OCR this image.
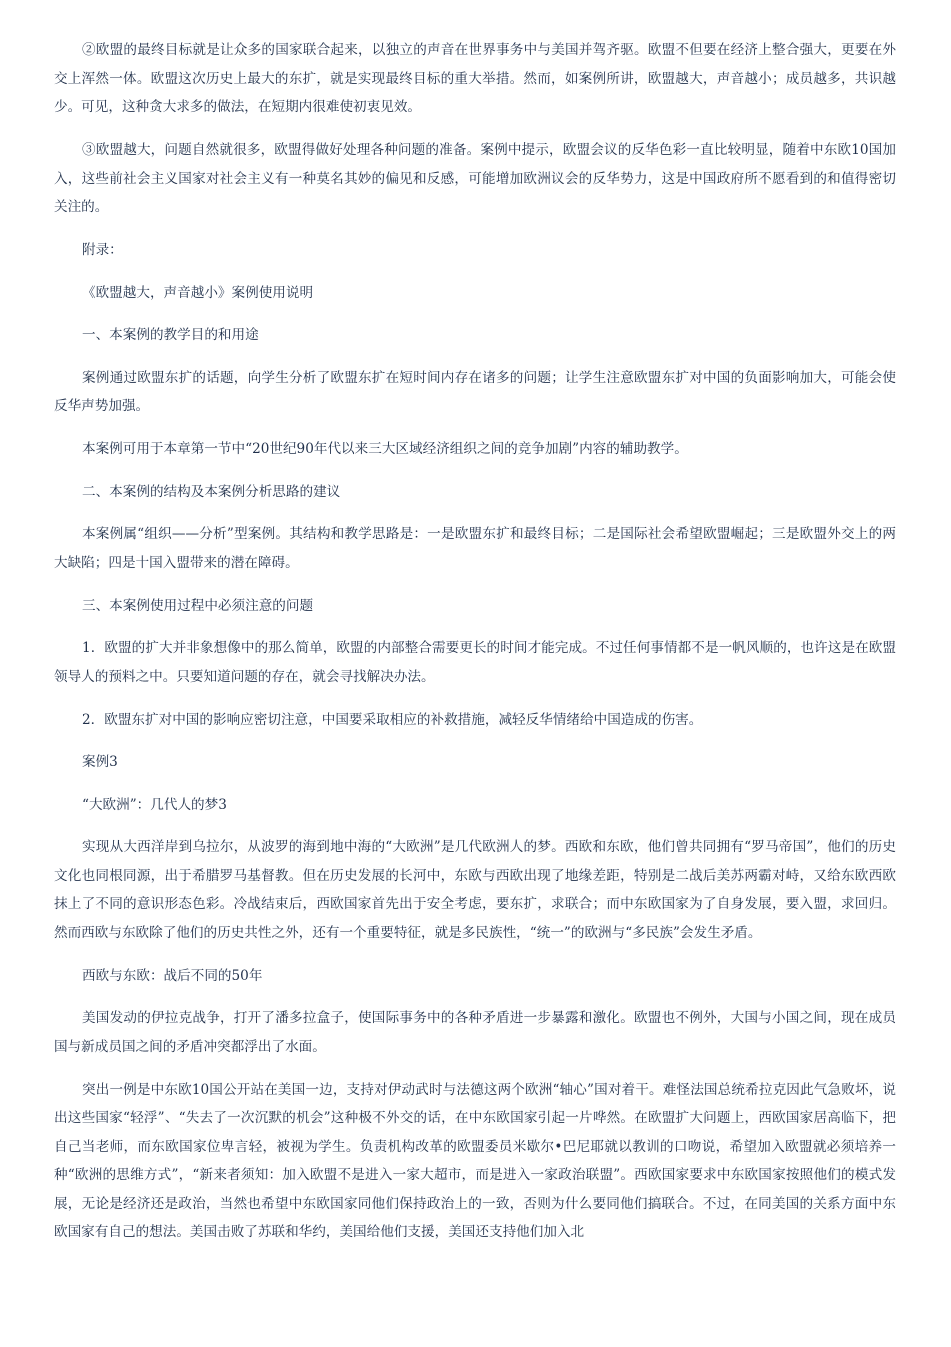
②欧盟的最终目标就是让众多的国家联合起来，以独立的声音在世界事务中与美国并驾齐驱。欧盟不但要在经济上整合强大，更要在外交上浑然一体。欧盟这次历史上最大的东扩，就是实现最终目标的重大举措。然而，如案例所讲，欧盟越大，声音越小；成员越多，共识越少。可见，这种贪大求多的做法，在短期内很难使初衷见效。

③欧盟越大，问题自然就很多，欧盟得做好处理各种问题的准备。案例中提示，欧盟会议的反华色彩一直比较明显，随着中东欧10国加入，这些前社会主义国家对社会主义有一种莫名其妙的偏见和反感，可能增加欧洲议会的反华势力，这是中国政府所不愿看到的和值得密切关注的。

附录：

《欧盟越大，声音越小》案例使用说明

一、本案例的教学目的和用途

案例通过欧盟东扩的话题，向学生分析了欧盟东扩在短时间内存在诸多的问题；让学生注意欧盟东扩对中国的负面影响加大，可能会使反华声势加强。

本案例可用于本章第一节中“20世纪90年代以来三大区域经济组织之间的竞争加剧”内容的辅助教学。

二、本案例的结构及本案例分析思路的建议

本案例属“组织——分析”型案例。其结构和教学思路是：一是欧盟东扩和最终目标；二是国际社会希望欧盟崛起；三是欧盟外交上的两大缺陷；四是十国入盟带来的潜在障碍。

三、本案例使用过程中必须注意的问题

1．欧盟的扩大并非象想像中的那么简单，欧盟的内部整合需要更长的时间才能完成。不过任何事情都不是一帆风顺的，也许这是在欧盟领导人的预料之中。只要知道问题的存在，就会寻找解决办法。

2．欧盟东扩对中国的影响应密切注意，中国要采取相应的补救措施，减轻反华情绪给中国造成的伤害。

案例3

“大欧洲”：几代人的梦3

实现从大西洋岸到乌拉尔，从波罗的海到地中海的“大欧洲”是几代欧洲人的梦。西欧和东欧，他们曾共同拥有“罗马帝国”，他们的历史文化也同根同源，出于希腊罗马基督教。但在历史发展的长河中，东欧与西欧出现了地缘差距，特别是二战后美苏两霸对峙，又给东欧西欧抹上了不同的意识形态色彩。冷战结束后，西欧国家首先出于安全考虑，要东扩，求联合；而中东欧国家为了自身发展，要入盟，求回归。然而西欧与东欧除了他们的历史共性之外，还有一个重要特征，就是多民族性，“统一”的欧洲与“多民族”会发生矛盾。

西欧与东欧：战后不同的50年

美国发动的伊拉克战争，打开了潘多拉盒子，使国际事务中的各种矛盾进一步暴露和激化。欧盟也不例外，大国与小国之间，现在成员国与新成员国之间的矛盾冲突都浮出了水面。

突出一例是中东欧10国公开站在美国一边，支持对伊动武时与法德这两个欧洲“轴心”国对着干。难怪法国总统希拉克因此气急败坏，说出这些国家“轻浮”、“失去了一次沉默的机会”这种极不外交的话，在中东欧国家引起一片哗然。在欧盟扩大问题上，西欧国家居高临下，把自己当老师，而东欧国家位卑言轻，被视为学生。负责机构改革的欧盟委员米歇尔•巴尼耶就以教训的口吻说，希望加入欧盟就必须培养一种“欧洲的思维方式”，“新来者须知：加入欧盟不是进入一家大超市，而是进入一家政治联盟”。西欧国家要求中东欧国家按照他们的模式发展，无论是经济还是政治，当然也希望中东欧国家同他们保持政治上的一致，否则为什么要同他们搞联合。不过，在同美国的关系方面中东欧国家有自己的想法。美国击败了苏联和华约，美国给他们支援，美国还支持他们加入北
